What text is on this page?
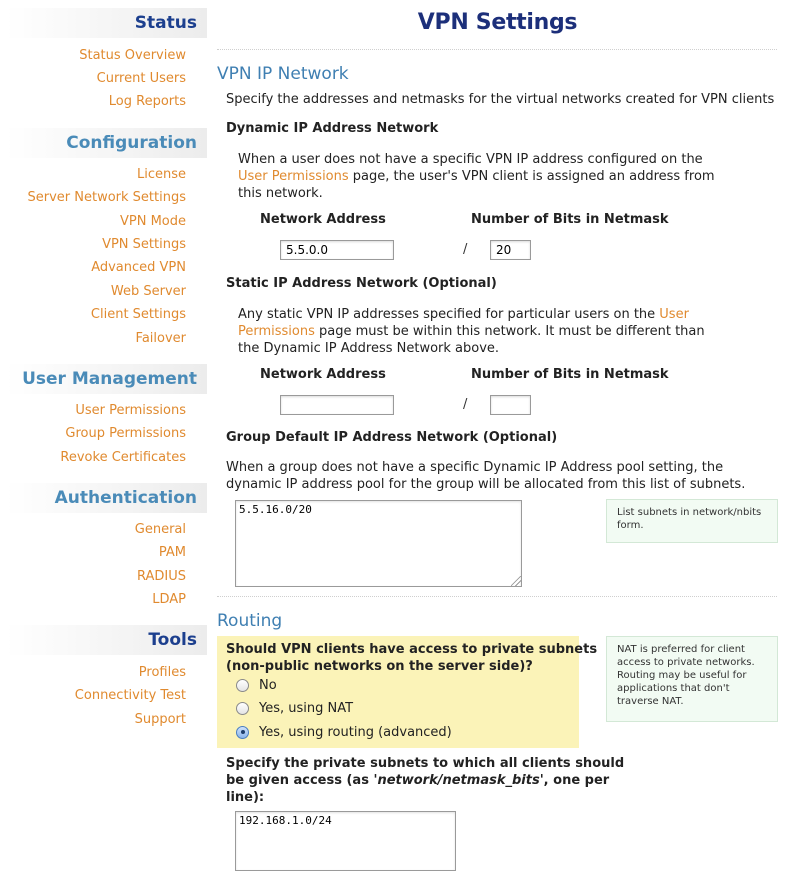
Status
Status Overview
Current Users
Log Reports
Configuration
License
Server Network Settings
VPN Mode
VPN Settings
Advanced VPN
Web Server
Client Settings
Failover
User Management
User Permissions
Group Permissions
Revoke Certificates
Authentication
General
PAM
RADIUS
LDAP
Tools
Profiles
Connectivity Test
Support
VPN Settings
VPN IP Network
Specify the addresses and netmasks for the virtual networks created for VPN clients
Dynamic IP Address Network
When a user does not have a specific VPN IP address configured on the
User Permissions page, the user's VPN client is assigned an address from
this network.
Network Address	Number of Bits in Netmask
5.5.0.0
/
20
Static IP Address Network (Optional)
Any static VPN IP addresses specified for particular users on the User
Permissions page must be within this network. It must be different than
the Dynamic IP Address Network above.
Network Address	Number of Bits in Netmask
/
Group Default IP Address Network (Optional)
When a group does not have a specific Dynamic IP Address pool setting, the
dynamic IP address pool for the group will be allocated from this list of subnets.
5.5.16.0/20
List subnets in network/nbits form.
Routing
Should VPN clients have access to private subnets
(non-public networks on the server side)?
No
Yes, using NAT
Yes, using routing (advanced)
NAT is preferred for client access to private networks. Routing may be useful for applications that don't traverse NAT.
Specify the private subnets to which all clients should
be given access (as 'network/netmask_bits', one per
line):
192.168.1.0/24
